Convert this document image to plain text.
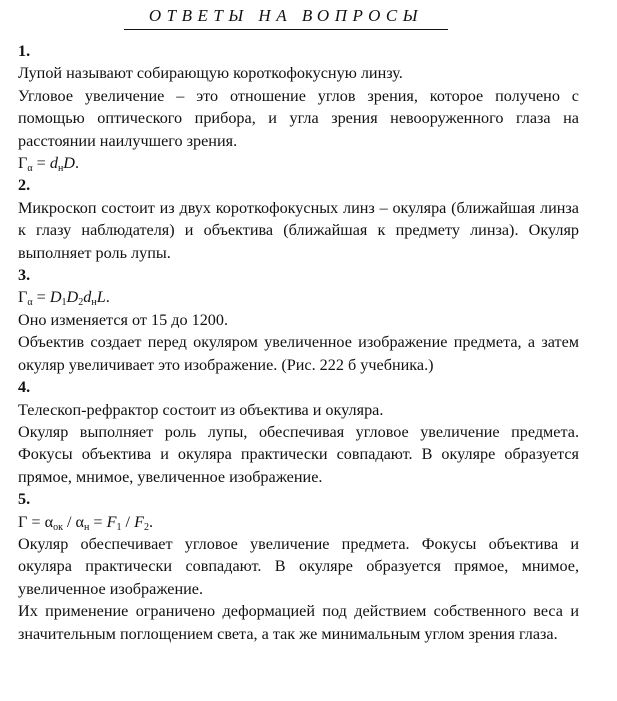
ОТВЕТЫ НА ВОПРОСЫ

1.

Лупой называют собирающую короткофокусную линзу.

Угловое увеличение – это отношение углов зрения, которое получено с помощью оптического прибора, и угла зрения невооруженного глаза на расстоянии наилучшего зрения.

$Г_\alpha = d_нD$.

2.

Микроскоп состоит из двух короткофокусных линз – окуляра (ближайшая линза к глазу наблюдателя) и объектива (ближайшая к предмету линза). Окуляр выполняет роль лупы.

3.

$Г_\alpha = D_1D_2d_нL$.

Оно изменяется от 15 до 1200.

Объектив создает перед окуляром увеличенное изображение предмета, а затем окуляр увеличивает это изображение. (Рис. 222 б учебника.)

4.

Телескоп-рефрактор состоит из объектива и окуляра.

Окуляр выполняет роль лупы, обеспечивая угловое увеличение предмета. Фокусы объектива и окуляра практически совпадают. В окуляре образуется прямое, мнимое, увеличенное изображение.

5.

$Г = \alpha_{ок} / \alpha_н = F_1 / F_2$.

Окуляр обеспечивает угловое увеличение предмета. Фокусы объектива и окуляра практически совпадают. В окуляре образуется прямое, мнимое, увеличенное изображение.

Их применение ограничено деформацией под действием собственного веса и значительным поглощением света, а так же минимальным углом зрения глаза.
